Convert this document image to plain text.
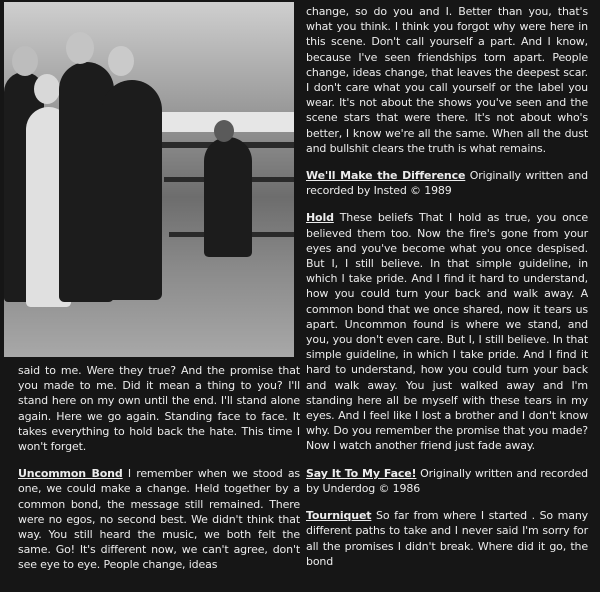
said to me. Were they true? And the promise that you made to me. Did it mean a thing to you? I'll stand here on my own until the end. I'll stand alone again. Here we go again. Standing face to face. It takes everything to hold back the hate. This time I won't forget.

Uncommon Bond I remember when we stood as one, we could make a change. Held together by a common bond, the message still remained. There were no egos, no second best. We didn't think that way. You still heard the music, we both felt the same. Go! It's different now, we can't agree, don't see eye to eye. People change, ideas

change, so do you and I. Better than you, that's what you think. I think you forgot why were here in this scene. Don't call yourself a part. And I know, because I've seen friendships torn apart. People change, ideas change, that leaves the deepest scar. I don't care what you call yourself or the label you wear. It's not about the shows you've seen and the scene stars that were there. It's not about who's better, I know we're all the same. When all the dust and bullshit clears the truth is what remains.

We'll Make the Difference Originally written and recorded by Insted © 1989

Hold These beliefs That I hold as true, you once believed them too. Now the fire's gone from your eyes and you've become what you once despised. But I, I still believe. In that simple guideline, in which I take pride. And I find it hard to understand, how you could turn your back and walk away. A common bond that we once shared, now it tears us apart. Uncommon found is where we stand, and you, you don't even care. But I, I still believe. In that simple guideline, in which I take pride. And I find it hard to understand, how you could turn your back and walk away. You just walked away and I'm standing here all be myself with these tears in my eyes. And I feel like I lost a brother and I don't know why. Do you remember the promise that you made? Now I watch another friend just fade away.

Say It To My Face! Originally written and recorded by Underdog © 1986

Tourniquet So far from where I started . So many different paths to take and I never said I'm sorry for all the promises I didn't break. Where did it go, the bond
